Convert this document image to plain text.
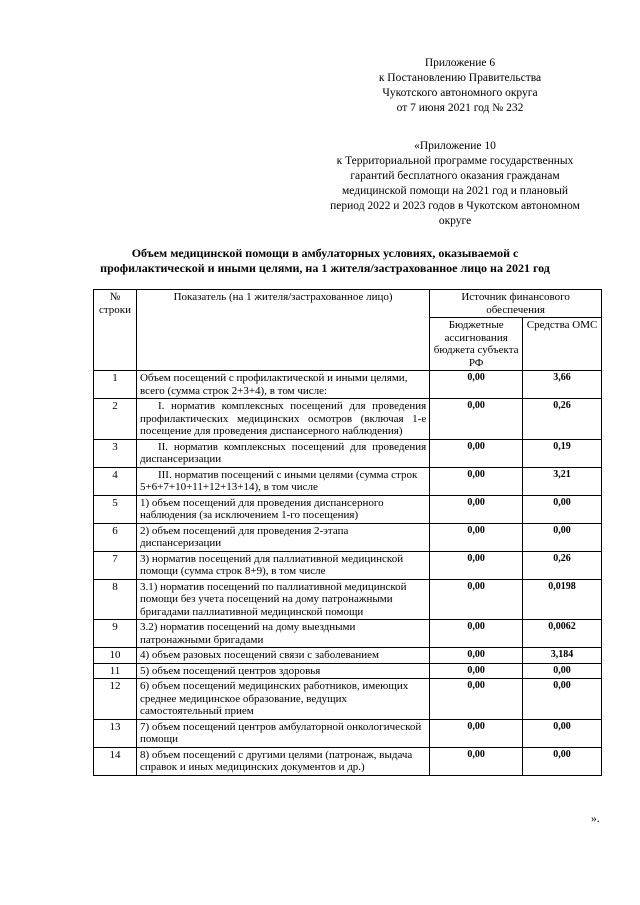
Приложение 6
к Постановлению Правительства
Чукотского автономного округа
от 7 июня 2021 год № 232
«Приложение 10
к Территориальной программе государственных
гарантий бесплатного оказания гражданам
медицинской помощи на 2021 год и плановый
период 2022 и 2023 годов в Чукотском автономном
округе
Объем медицинской помощи в амбулаторных условиях, оказываемой с
профилактической и иными целями, на 1 жителя/застрахованное лицо на 2021 год
№ строки	Показатель (на 1 жителя/застрахованное лицо)	Источник финансового обеспечения	
		Бюджетные ассигнования бюджета субъекта РФ	Средства ОМС
1	Объем посещений с профилактической и иными целями, всего (сумма строк 2+3+4), в том числе:	0,00	3,66
2	I. норматив комплексных посещений для проведения профилактических медицинских осмотров (включая 1-е посещение для проведения диспансерного наблюдения)	0,00	0,26
3	II. норматив комплексных посещений для проведения диспансеризации	0,00	0,19
4	III. норматив посещений с иными целями (сумма строк 5+6+7+10+11+12+13+14), в том числе	0,00	3,21
5	1) объем посещений для проведения диспансерного наблюдения (за исключением 1-го посещения)	0,00	0,00
6	2) объем посещений для проведения 2-этапа диспансеризации	0,00	0,00
7	3) норматив посещений для паллиативной медицинской помощи (сумма строк 8+9), в том числе	0,00	0,26
8	3.1) норматив посещений по паллиативной медицинской помощи без учета посещений на дому патронажными бригадами паллиативной медицинской помощи	0,00	0,0198
9	3.2) норматив посещений на дому выездными патронажными бригадами	0,00	0,0062
10	4) объем разовых посещений связи с заболеванием	0,00	3,184
11	5) объем посещений центров здоровья	0,00	0,00
12	6) объем посещений медицинских работников, имеющих среднее медицинское образование, ведущих самостоятельный прием	0,00	0,00
13	7) объем посещений центров амбулаторной онкологической помощи	0,00	0,00
14	8) объем посещений с другими целями (патронаж, выдача справок и иных медицинских документов и др.)	0,00	0,00
».
